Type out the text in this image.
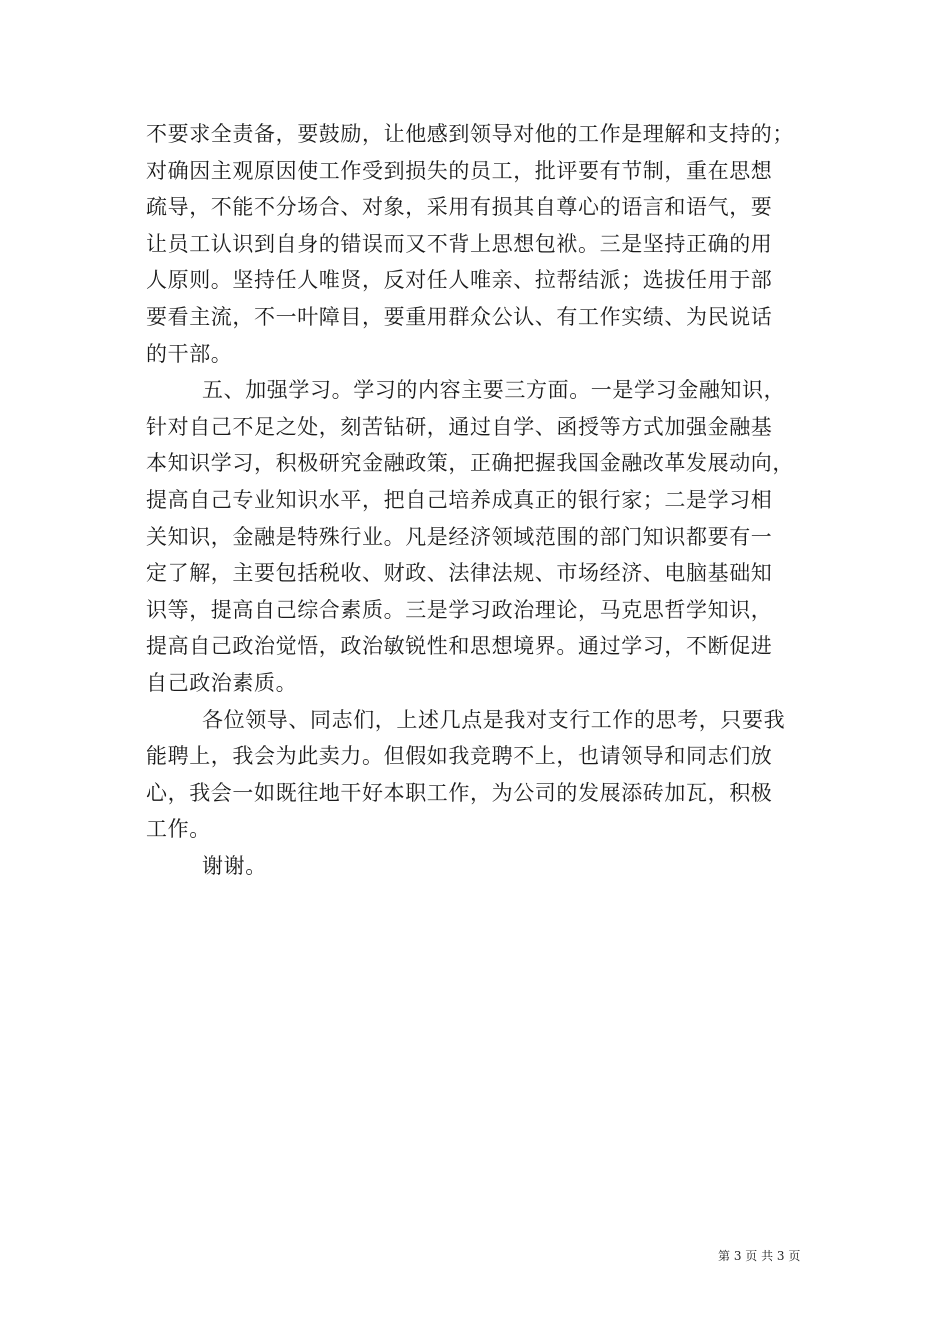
不要求全责备，要鼓励，让他感到领导对他的工作是理解和支持的；
对确因主观原因使工作受到损失的员工，批评要有节制，重在思想
疏导，不能不分场合、对象，采用有损其自尊心的语言和语气，要
让员工认识到自身的错误而又不背上思想包袱。三是坚持正确的用
人原则。坚持任人唯贤，反对任人唯亲、拉帮结派；选拔任用于部
要看主流，不一叶障目，要重用群众公认、有工作实绩、为民说话
的干部。
五、加强学习。学习的内容主要三方面。一是学习金融知识，
针对自己不足之处，刻苦钻研，通过自学、函授等方式加强金融基
本知识学习，积极研究金融政策，正确把握我国金融改革发展动向，
提高自己专业知识水平，把自己培养成真正的银行家；二是学习相
关知识，金融是特殊行业。凡是经济领域范围的部门知识都要有一
定了解，主要包括税收、财政、法律法规、市场经济、电脑基础知
识等，提高自己综合素质。三是学习政治理论，马克思哲学知识，
提高自己政治觉悟，政治敏锐性和思想境界。通过学习，不断促进
自己政治素质。
各位领导、同志们，上述几点是我对支行工作的思考，只要我
能聘上，我会为此卖力。但假如我竞聘不上，也请领导和同志们放
心，我会一如既往地干好本职工作，为公司的发展添砖加瓦，积极
工作。
谢谢。
第 3 页 共 3 页
